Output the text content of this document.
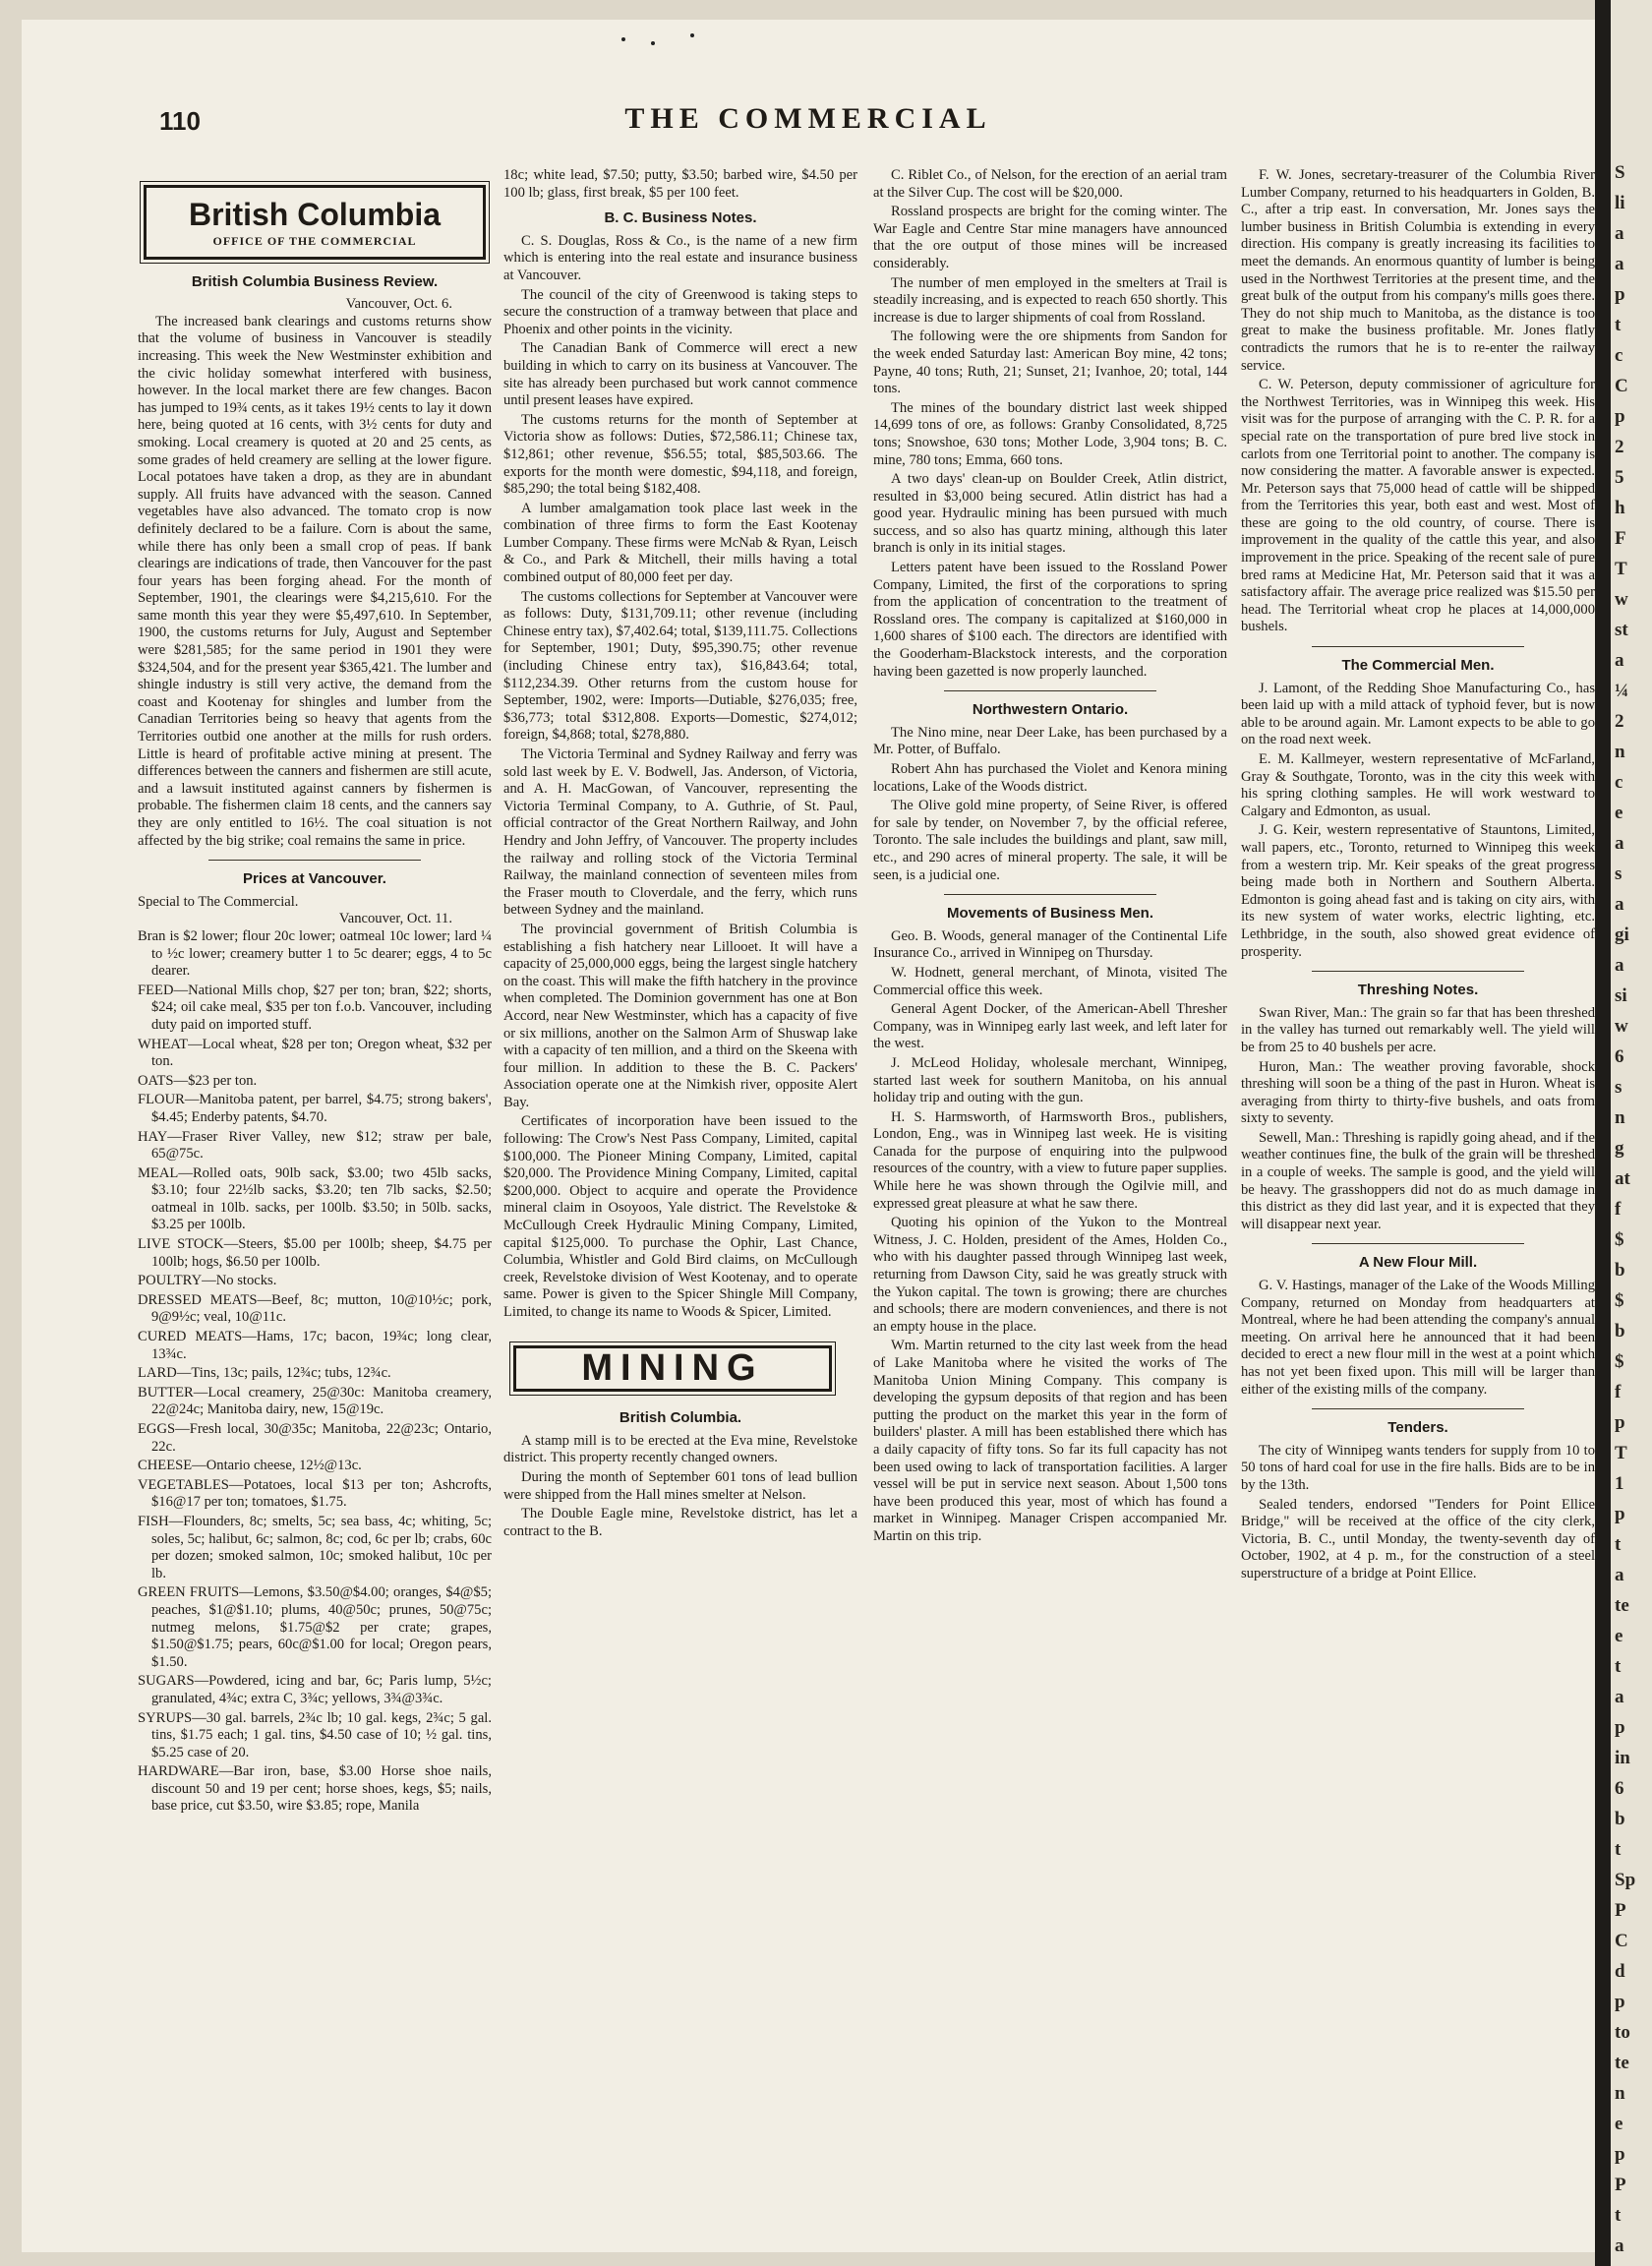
S
li
a
a
p
t
c
C
p
2
5
h
F
T
w
st
a
¼
2
n
c
e
a
s
a
gi
a
si
w
6
s
n
g
at
f
$
b
$
b
$
f
p
T
1
p
t
a
te
e
t
a
p
in
6
b
t
Sp
P
C
d
p
to
te
n
e
p
P
t
a
110	THE COMMERCIAL
British Columbia
OFFICE OF THE COMMERCIAL
British Columbia Business Review.
Vancouver, Oct. 6.

The increased bank clearings and customs returns show that the volume of business in Vancouver is steadily increasing. This week the New Westminster exhibition and the civic holiday somewhat interfered with business, however. In the local market there are few changes. Bacon has jumped to 19¾ cents, as it takes 19½ cents to lay it down here, being quoted at 16 cents, with 3½ cents for duty and smoking. Local creamery is quoted at 20 and 25 cents, as some grades of held creamery are selling at the lower figure. Local potatoes have taken a drop, as they are in abundant supply. All fruits have advanced with the season. Canned vegetables have also advanced. The tomato crop is now definitely declared to be a failure. Corn is about the same, while there has only been a small crop of peas. If bank clearings are indications of trade, then Vancouver for the past four years has been forging ahead. For the month of September, 1901, the clearings were $4,215,610. For the same month this year they were $5,497,610. In September, 1900, the customs returns for July, August and September were $281,585; for the same period in 1901 they were $324,504, and for the present year $365,421. The lumber and shingle industry is still very active, the demand from the coast and Kootenay for shingles and lumber from the Canadian Territories being so heavy that agents from the Territories outbid one another at the mills for rush orders. Little is heard of profitable active mining at present. The differences between the canners and fishermen are still acute, and a lawsuit instituted against canners by fishermen is probable. The fishermen claim 18 cents, and the canners say they are only entitled to 16½. The coal situation is not affected by the big strike; coal remains the same in price.

Prices at Vancouver.
Special to The Commercial.
Vancouver, Oct. 11.

Bran is $2 lower; flour 20c lower; oatmeal 10c lower; lard ¼ to ½c lower; creamery butter 1 to 5c dearer; eggs, 4 to 5c dearer.

FEED—National Mills chop, $27 per ton; bran, $22; shorts, $24; oil cake meal, $35 per ton f.o.b. Vancouver, including duty paid on imported stuff.

WHEAT—Local wheat, $28 per ton; Oregon wheat, $32 per ton.

OATS—$23 per ton.

FLOUR—Manitoba patent, per barrel, $4.75; strong bakers', $4.45; Enderby patents, $4.70.

HAY—Fraser River Valley, new $12; straw per bale, 65@75c.

MEAL—Rolled oats, 90lb sack, $3.00; two 45lb sacks, $3.10; four 22½lb sacks, $3.20; ten 7lb sacks, $2.50; oatmeal in 10lb. sacks, per 100lb. $3.50; in 50lb. sacks, $3.25 per 100lb.

LIVE STOCK—Steers, $5.00 per 100lb; sheep, $4.75 per 100lb; hogs, $6.50 per 100lb.

POULTRY—No stocks.

DRESSED MEATS—Beef, 8c; mutton, 10@10½c; pork, 9@9½c; veal, 10@11c.

CURED MEATS—Hams, 17c; bacon, 19¾c; long clear, 13¾c.

LARD—Tins, 13c; pails, 12¾c; tubs, 12¾c.

BUTTER—Local creamery, 25@30c: Manitoba creamery, 22@24c; Manitoba dairy, new, 15@19c.

EGGS—Fresh local, 30@35c; Manitoba, 22@23c; Ontario, 22c.

CHEESE—Ontario cheese, 12½@13c.

VEGETABLES—Potatoes, local $13 per ton; Ashcrofts, $16@17 per ton; tomatoes, $1.75.

FISH—Flounders, 8c; smelts, 5c; sea bass, 4c; whiting, 5c; soles, 5c; halibut, 6c; salmon, 8c; cod, 6c per lb; crabs, 60c per dozen; smoked salmon, 10c; smoked halibut, 10c per lb.

GREEN FRUITS—Lemons, $3.50@$4.00; oranges, $4@$5; peaches, $1@$1.10; plums, 40@50c; prunes, 50@75c; nutmeg melons, $1.75@$2 per crate; grapes, $1.50@$1.75; pears, 60c@$1.00 for local; Oregon pears, $1.50.

SUGARS—Powdered, icing and bar, 6c; Paris lump, 5½c; granulated, 4¾c; extra C, 3¾c; yellows, 3¾@3¾c.

SYRUPS—30 gal. barrels, 2¾c lb; 10 gal. kegs, 2¾c; 5 gal. tins, $1.75 each; 1 gal. tins, $4.50 case of 10; ½ gal. tins, $5.25 case of 20.

HARDWARE—Bar iron, base, $3.00 Horse shoe nails, discount 50 and 19 per cent; horse shoes, kegs, $5; nails, base price, cut $3.50, wire $3.85; rope, Manila

18c; white lead, $7.50; putty, $3.50; barbed wire, $4.50 per 100 lb; glass, first break, $5 per 100 feet.

B. C. Business Notes.

C. S. Douglas, Ross & Co., is the name of a new firm which is entering into the real estate and insurance business at Vancouver.

The council of the city of Greenwood is taking steps to secure the construction of a tramway between that place and Phoenix and other points in the vicinity.

The Canadian Bank of Commerce will erect a new building in which to carry on its business at Vancouver. The site has already been purchased but work cannot commence until present leases have expired.

The customs returns for the month of September at Victoria show as follows: Duties, $72,586.11; Chinese tax, $12,861; other revenue, $56.55; total, $85,503.66. The exports for the month were domestic, $94,118, and foreign, $85,290; the total being $182,408.

A lumber amalgamation took place last week in the combination of three firms to form the East Kootenay Lumber Company. These firms were McNab & Ryan, Leisch & Co., and Park & Mitchell, their mills having a total combined output of 80,000 feet per day.

The customs collections for September at Vancouver were as follows: Duty, $131,709.11; other revenue (including Chinese entry tax), $7,402.64; total, $139,111.75. Collections for September, 1901; Duty, $95,390.75; other revenue (including Chinese entry tax), $16,843.64; total, $112,234.39. Other returns from the custom house for September, 1902, were: Imports—Dutiable, $276,035; free, $36,773; total $312,808. Exports—Domestic, $274,012; foreign, $4,868; total, $278,880.

The Victoria Terminal and Sydney Railway and ferry was sold last week by E. V. Bodwell, Jas. Anderson, of Victoria, and A. H. MacGowan, of Vancouver, representing the Victoria Terminal Company, to A. Guthrie, of St. Paul, official contractor of the Great Northern Railway, and John Hendry and John Jeffry, of Vancouver. The property includes the railway and rolling stock of the Victoria Terminal Railway, the mainland connection of seventeen miles from the Fraser mouth to Cloverdale, and the ferry, which runs between Sydney and the mainland.

The provincial government of British Columbia is establishing a fish hatchery near Lillooet. It will have a capacity of 25,000,000 eggs, being the largest single hatchery on the coast. This will make the fifth hatchery in the province when completed. The Dominion government has one at Bon Accord, near New Westminster, which has a capacity of five or six millions, another on the Salmon Arm of Shuswap lake with a capacity of ten million, and a third on the Skeena with four million. In addition to these the B. C. Packers' Association operate one at the Nimkish river, opposite Alert Bay.

Certificates of incorporation have been issued to the following: The Crow's Nest Pass Company, Limited, capital $100,000. The Pioneer Mining Company, Limited, capital $20,000. The Providence Mining Company, Limited, capital $200,000. Object to acquire and operate the Providence mineral claim in Osoyoos, Yale district. The Revelstoke & McCullough Creek Hydraulic Mining Company, Limited, capital $125,000. To purchase the Ophir, Last Chance, Columbia, Whistler and Gold Bird claims, on McCullough creek, Revelstoke division of West Kootenay, and to operate same. Power is given to the Spicer Shingle Mill Company, Limited, to change its name to Woods & Spicer, Limited.

MINING
British Columbia.

A stamp mill is to be erected at the Eva mine, Revelstoke district. This property recently changed owners.

During the month of September 601 tons of lead bullion were shipped from the Hall mines smelter at Nelson.

The Double Eagle mine, Revelstoke district, has let a contract to the B.

C. Riblet Co., of Nelson, for the erection of an aerial tram at the Silver Cup. The cost will be $20,000.

Rossland prospects are bright for the coming winter. The War Eagle and Centre Star mine managers have announced that the ore output of those mines will be increased considerably.

The number of men employed in the smelters at Trail is steadily increasing, and is expected to reach 650 shortly. This increase is due to larger shipments of coal from Rossland.

The following were the ore shipments from Sandon for the week ended Saturday last: American Boy mine, 42 tons; Payne, 40 tons; Ruth, 21; Sunset, 21; Ivanhoe, 20; total, 144 tons.

The mines of the boundary district last week shipped 14,699 tons of ore, as follows: Granby Consolidated, 8,725 tons; Snowshoe, 630 tons; Mother Lode, 3,904 tons; B. C. mine, 780 tons; Emma, 660 tons.

A two days' clean-up on Boulder Creek, Atlin district, resulted in $3,000 being secured. Atlin district has had a good year. Hydraulic mining has been pursued with much success, and so also has quartz mining, although this later branch is only in its initial stages.

Letters patent have been issued to the Rossland Power Company, Limited, the first of the corporations to spring from the application of concentration to the treatment of Rossland ores. The company is capitalized at $160,000 in 1,600 shares of $100 each. The directors are identified with the Gooderham-Blackstock interests, and the corporation having been gazetted is now properly launched.

Northwestern Ontario.

The Nino mine, near Deer Lake, has been purchased by a Mr. Potter, of Buffalo.

Robert Ahn has purchased the Violet and Kenora mining locations, Lake of the Woods district.

The Olive gold mine property, of Seine River, is offered for sale by tender, on November 7, by the official referee, Toronto. The sale includes the buildings and plant, saw mill, etc., and 290 acres of mineral property. The sale, it will be seen, is a judicial one.

Movements of Business Men.

Geo. B. Woods, general manager of the Continental Life Insurance Co., arrived in Winnipeg on Thursday.

W. Hodnett, general merchant, of Minota, visited The Commercial office this week.

General Agent Docker, of the American-Abell Thresher Company, was in Winnipeg early last week, and left later for the west.

J. McLeod Holiday, wholesale merchant, Winnipeg, started last week for southern Manitoba, on his annual holiday trip and outing with the gun.

H. S. Harmsworth, of Harmsworth Bros., publishers, London, Eng., was in Winnipeg last week. He is visiting Canada for the purpose of enquiring into the pulpwood resources of the country, with a view to future paper supplies. While here he was shown through the Ogilvie mill, and expressed great pleasure at what he saw there.

Quoting his opinion of the Yukon to the Montreal Witness, J. C. Holden, president of the Ames, Holden Co., who with his daughter passed through Winnipeg last week, returning from Dawson City, said he was greatly struck with the Yukon capital. The town is growing; there are churches and schools; there are modern conveniences, and there is not an empty house in the place.

Wm. Martin returned to the city last week from the head of Lake Manitoba where he visited the works of The Manitoba Union Mining Company. This company is developing the gypsum deposits of that region and has been putting the product on the market this year in the form of builders' plaster. A mill has been established there which has a daily capacity of fifty tons. So far its full capacity has not been used owing to lack of transportation facilities. A larger vessel will be put in service next season. About 1,500 tons have been produced this year, most of which has found a market in Winnipeg. Manager Crispen accompanied Mr. Martin on this trip.

F. W. Jones, secretary-treasurer of the Columbia River Lumber Company, returned to his headquarters in Golden, B. C., after a trip east. In conversation, Mr. Jones says the lumber business in British Columbia is extending in every direction. His company is greatly increasing its facilities to meet the demands. An enormous quantity of lumber is being used in the Northwest Territories at the present time, and the great bulk of the output from his company's mills goes there. They do not ship much to Manitoba, as the distance is too great to make the business profitable. Mr. Jones flatly contradicts the rumors that he is to re-enter the railway service.

C. W. Peterson, deputy commissioner of agriculture for the Northwest Territories, was in Winnipeg this week. His visit was for the purpose of arranging with the C. P. R. for a special rate on the transportation of pure bred live stock in carlots from one Territorial point to another. The company is now considering the matter. A favorable answer is expected. Mr. Peterson says that 75,000 head of cattle will be shipped from the Territories this year, both east and west. Most of these are going to the old country, of course. There is improvement in the quality of the cattle this year, and also improvement in the price. Speaking of the recent sale of pure bred rams at Medicine Hat, Mr. Peterson said that it was a satisfactory affair. The average price realized was $15.50 per head. The Territorial wheat crop he places at 14,000,000 bushels.

The Commercial Men.

J. Lamont, of the Redding Shoe Manufacturing Co., has been laid up with a mild attack of typhoid fever, but is now able to be around again. Mr. Lamont expects to be able to go on the road next week.

E. M. Kallmeyer, western representative of McFarland, Gray & Southgate, Toronto, was in the city this week with his spring clothing samples. He will work westward to Calgary and Edmonton, as usual.

J. G. Keir, western representative of Stauntons, Limited, wall papers, etc., Toronto, returned to Winnipeg this week from a western trip. Mr. Keir speaks of the great progress being made both in Northern and Southern Alberta. Edmonton is going ahead fast and is taking on city airs, with its new system of water works, electric lighting, etc. Lethbridge, in the south, also showed great evidence of prosperity.

Threshing Notes.

Swan River, Man.: The grain so far that has been threshed in the valley has turned out remarkably well. The yield will be from 25 to 40 bushels per acre.

Huron, Man.: The weather proving favorable, shock threshing will soon be a thing of the past in Huron. Wheat is averaging from thirty to thirty-five bushels, and oats from sixty to seventy.

Sewell, Man.: Threshing is rapidly going ahead, and if the weather continues fine, the bulk of the grain will be threshed in a couple of weeks. The sample is good, and the yield will be heavy. The grasshoppers did not do as much damage in this district as they did last year, and it is expected that they will disappear next year.

A New Flour Mill.

G. V. Hastings, manager of the Lake of the Woods Milling Company, returned on Monday from headquarters at Montreal, where he had been attending the company's annual meeting. On arrival here he announced that it had been decided to erect a new flour mill in the west at a point which has not yet been fixed upon. This mill will be larger than either of the existing mills of the company.

Tenders.

The city of Winnipeg wants tenders for supply from 10 to 50 tons of hard coal for use in the fire halls. Bids are to be in by the 13th.

Sealed tenders, endorsed "Tenders for Point Ellice Bridge," will be received at the office of the city clerk, Victoria, B. C., until Monday, the twenty-seventh day of October, 1902, at 4 p. m., for the construction of a steel superstructure of a bridge at Point Ellice.
